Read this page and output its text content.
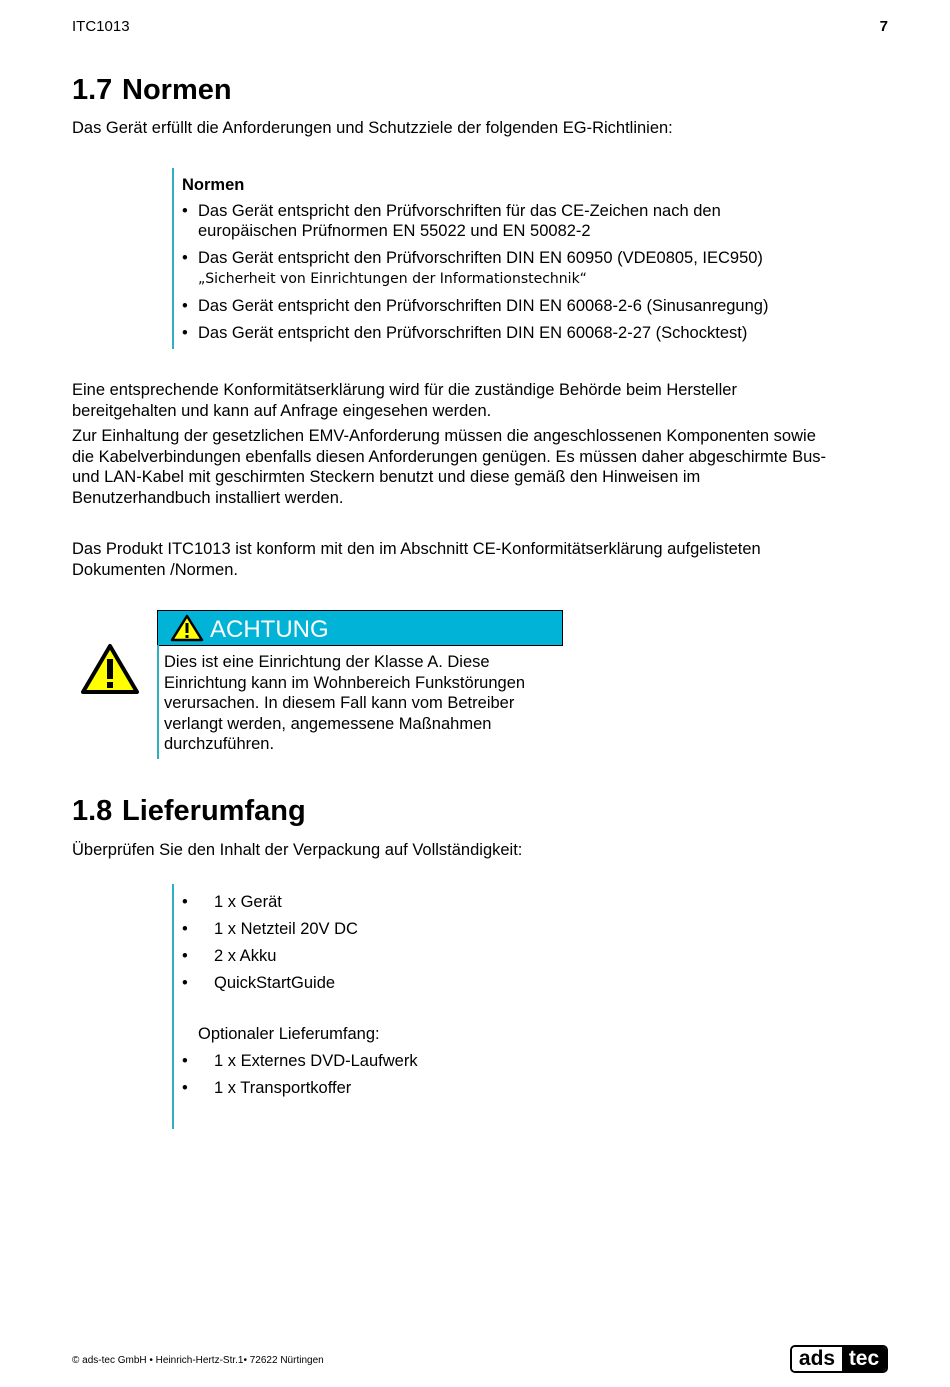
ITC1013	7
1.7 Normen
Das Gerät erfüllt die Anforderungen und Schutzziele der folgenden EG-Richtlinien:
Normen
• Das Gerät entspricht den Prüfvorschriften für das CE-Zeichen nach den
europäischen Prüfnormen EN 55022 und EN 50082-2
• Das Gerät entspricht den Prüfvorschriften DIN EN 60950 (VDE0805, IEC950)
„Sicherheit von Einrichtungen der Informationstechnik“
• Das Gerät entspricht den Prüfvorschriften DIN EN 60068-2-6 (Sinusanregung)
• Das Gerät entspricht den Prüfvorschriften DIN EN 60068-2-27 (Schocktest)
Eine entsprechende Konformitätserklärung wird für die zuständige Behörde beim Hersteller
bereitgehalten und kann auf Anfrage eingesehen werden.
Zur Einhaltung der gesetzlichen EMV-Anforderung müssen die angeschlossenen Komponenten sowie
die Kabelverbindungen ebenfalls diesen Anforderungen genügen. Es müssen daher abgeschirmte Bus-
und LAN-Kabel mit geschirmten Steckern benutzt und diese gemäß den Hinweisen im
Benutzerhandbuch installiert werden.
Das Produkt ITC1013 ist konform mit den im Abschnitt CE-Konformitätserklärung aufgelisteten
Dokumenten /Normen.
ACHTUNG
Dies ist eine Einrichtung der Klasse A. Diese
Einrichtung kann im Wohnbereich Funkstörungen
verursachen. In diesem Fall kann vom Betreiber
verlangt werden, angemessene Maßnahmen
durchzuführen.
1.8 Lieferumfang
Überprüfen Sie den Inhalt der Verpackung auf Vollständigkeit:
• 1 x Gerät
• 1 x Netzteil 20V DC
• 2 x Akku
• QuickStartGuide
Optionaler Lieferumfang:
• 1 x Externes DVD-Laufwerk
• 1 x Transportkoffer
© ads-tec GmbH • Heinrich-Hertz-Str.1• 72622 Nürtingen	ads tec
